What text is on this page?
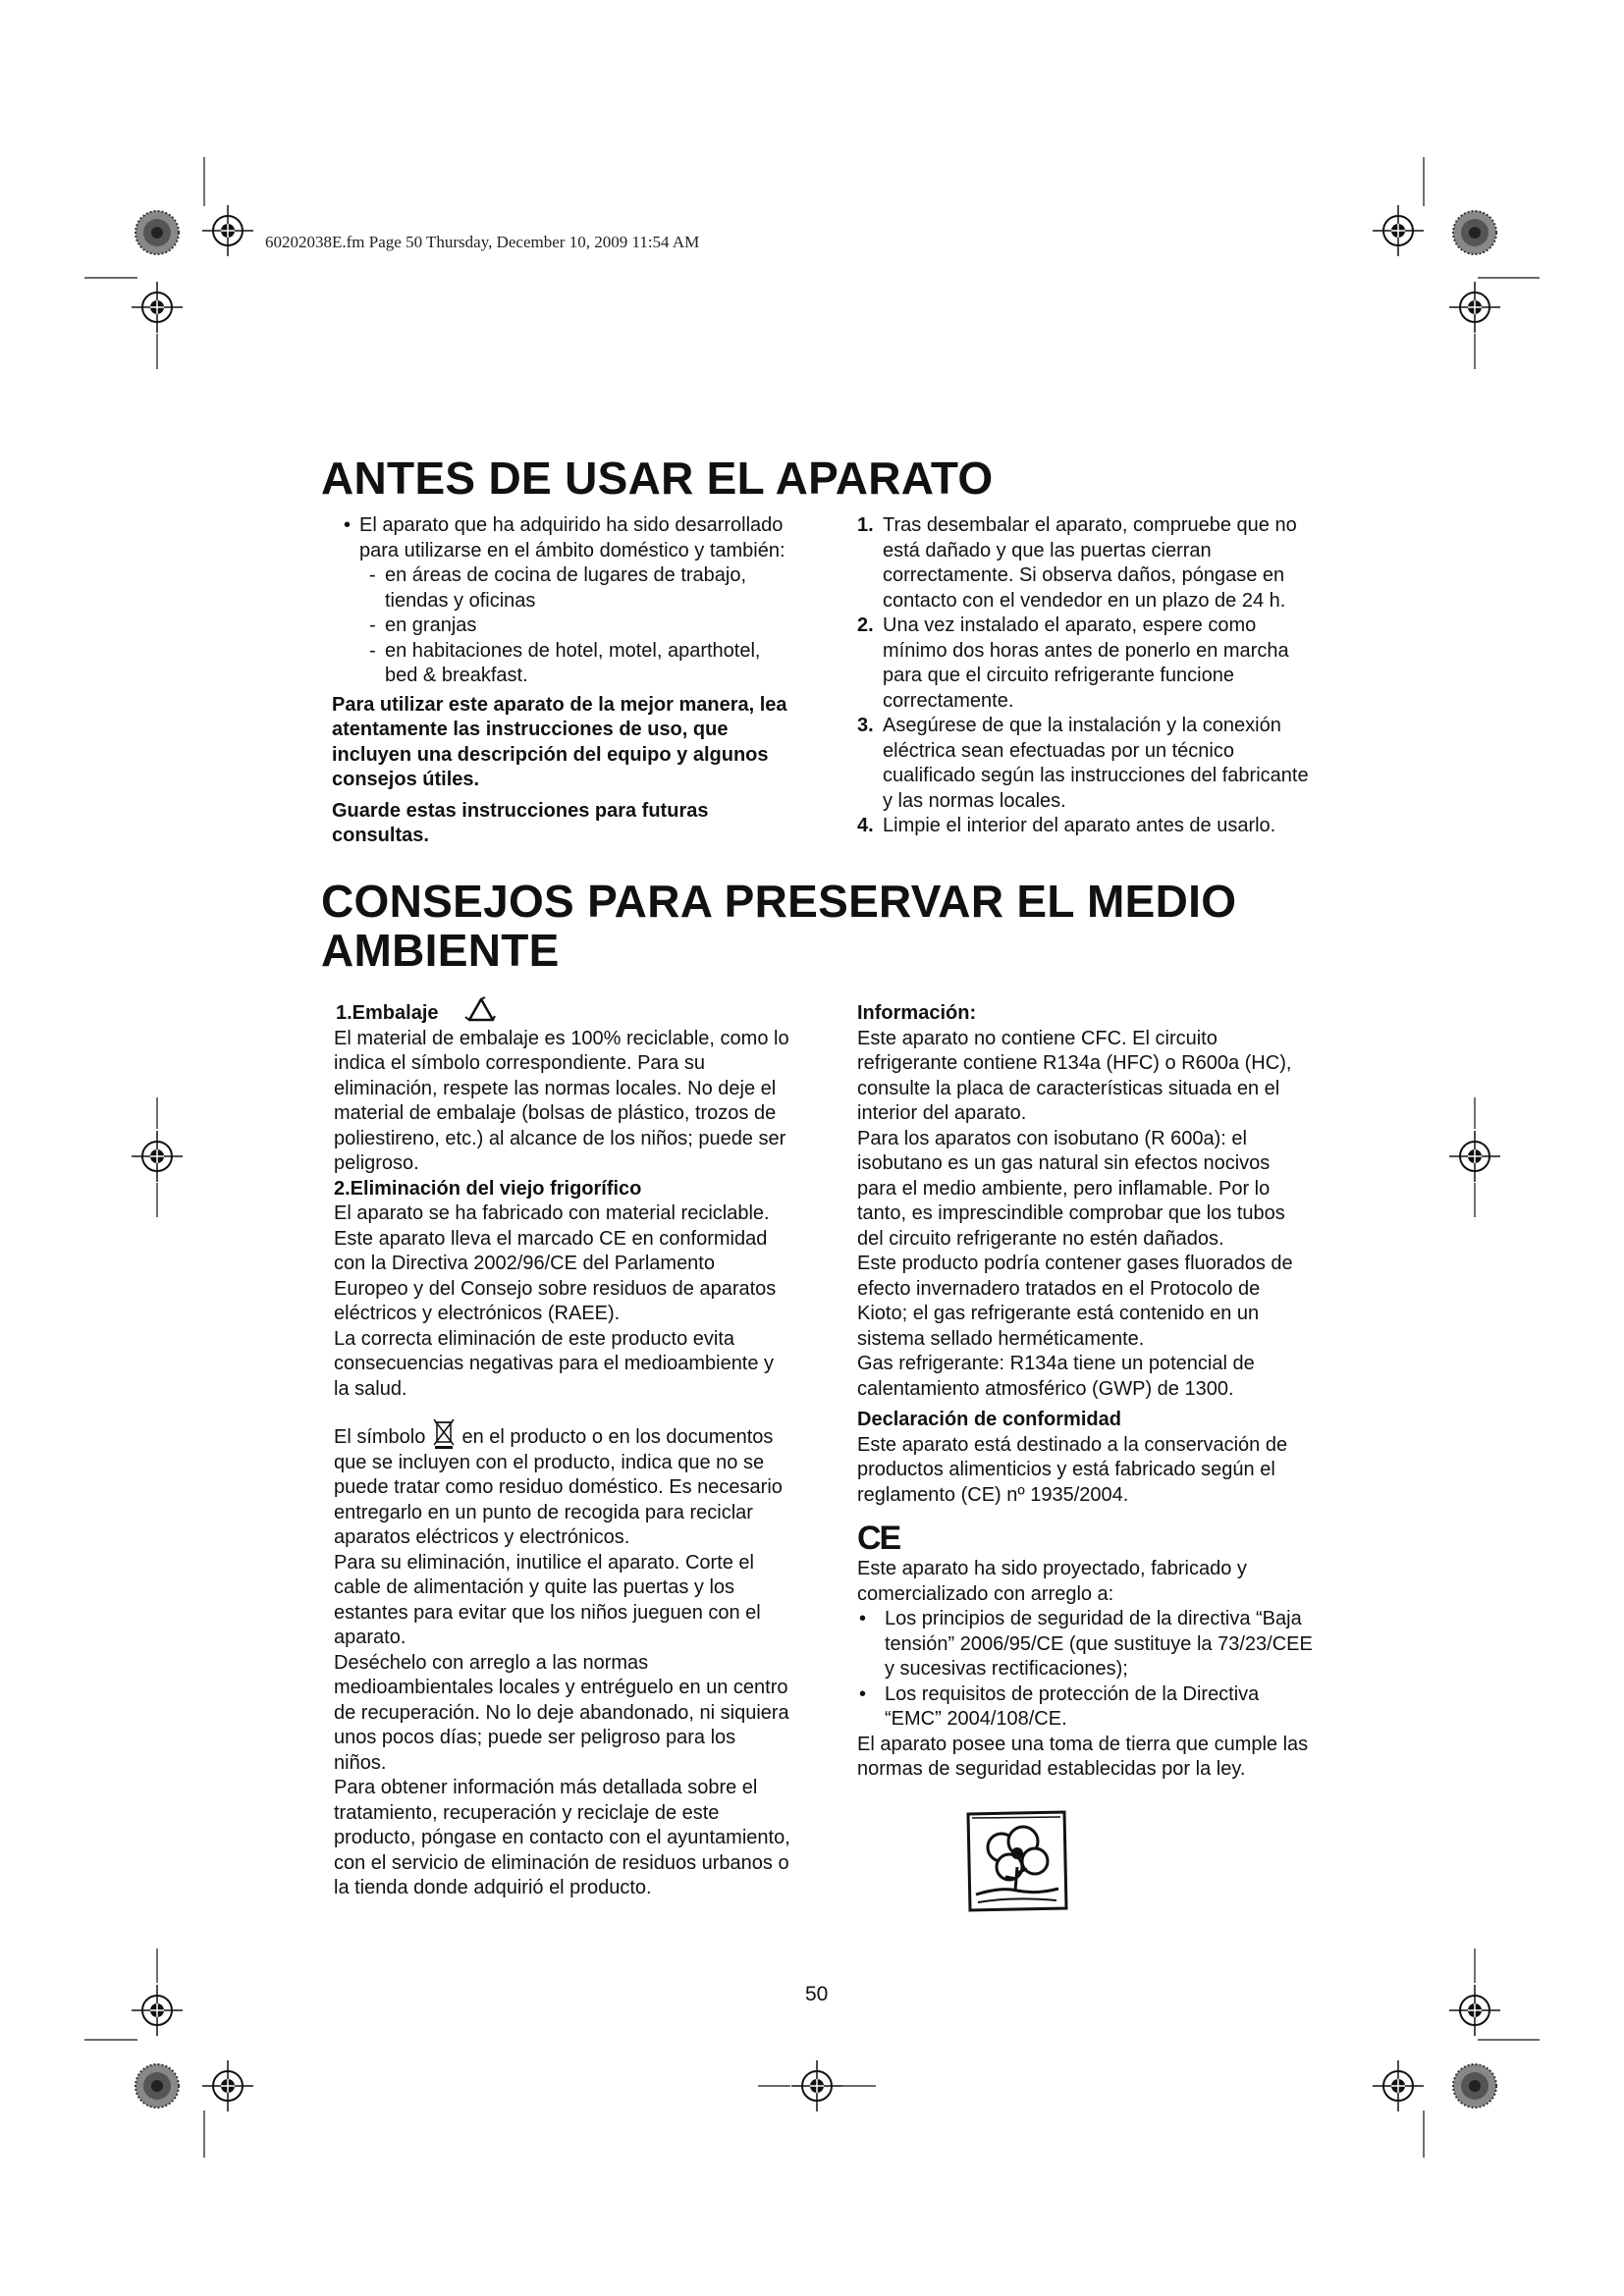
60202038E.fm Page 50 Thursday, December 10, 2009 11:54 AM
ANTES DE USAR EL APARATO

• El aparato que ha adquirido ha sido desarrollado para utilizarse en el ámbito doméstico y también:

- en áreas de cocina de lugares de trabajo, tiendas y oficinas

- en granjas

- en habitaciones de hotel, motel, aparthotel, bed & breakfast.

Para utilizar este aparato de la mejor manera, lea atentamente las instrucciones de uso, que incluyen una descripción del equipo y algunos consejos útiles.

Guarde estas instrucciones para futuras consultas.

1. Tras desembalar el aparato, compruebe que no está dañado y que las puertas cierran correctamente. Si observa daños, póngase en contacto con el vendedor en un plazo de 24 h.

2. Una vez instalado el aparato, espere como mínimo dos horas antes de ponerlo en marcha para que el circuito refrigerante funcione correctamente.

3. Asegúrese de que la instalación y la conexión eléctrica sean efectuadas por un técnico cualificado según las instrucciones del fabricante y las normas locales.

4. Limpie el interior del aparato antes de usarlo.

CONSEJOS PARA PRESERVAR EL MEDIO
AMBIENTE

1.Embalaje

El material de embalaje es 100% reciclable, como lo indica el símbolo correspondiente. Para su eliminación, respete las normas locales. No deje el material de embalaje (bolsas de plástico, trozos de poliestireno, etc.) al alcance de los niños; puede ser peligroso.

2.Eliminación del viejo frigorífico

El aparato se ha fabricado con material reciclable. Este aparato lleva el marcado CE en conformidad con la Directiva 2002/96/CE del Parlamento Europeo y del Consejo sobre residuos de aparatos eléctricos y electrónicos (RAEE).

La correcta eliminación de este producto evita consecuencias negativas para el medioambiente y la salud.

El símbolo en el producto o en los documentos que se incluyen con el producto, indica que no se puede tratar como residuo doméstico. Es necesario entregarlo en un punto de recogida para reciclar aparatos eléctricos y electrónicos.

Para su eliminación, inutilice el aparato. Corte el cable de alimentación y quite las puertas y los estantes para evitar que los niños jueguen con el aparato.

Deséchelo con arreglo a las normas medioambientales locales y entréguelo en un centro de recuperación. No lo deje abandonado, ni siquiera unos pocos días; puede ser peligroso para los niños.

Para obtener información más detallada sobre el tratamiento, recuperación y reciclaje de este producto, póngase en contacto con el ayuntamiento, con el servicio de eliminación de residuos urbanos o la tienda donde adquirió el producto.

Información:

Este aparato no contiene CFC. El circuito refrigerante contiene R134a (HFC) o R600a (HC), consulte la placa de características situada en el interior del aparato.

Para los aparatos con isobutano (R 600a): el isobutano es un gas natural sin efectos nocivos para el medio ambiente, pero inflamable. Por lo tanto, es imprescindible comprobar que los tubos del circuito refrigerante no estén dañados.

Este producto podría contener gases fluorados de efecto invernadero tratados en el Protocolo de Kioto; el gas refrigerante está contenido en un sistema sellado herméticamente.

Gas refrigerante: R134a tiene un potencial de calentamiento atmosférico (GWP) de 1300.

Declaración de conformidad

Este aparato está destinado a la conservación de productos alimenticios y está fabricado según el reglamento (CE) nº 1935/2004.

CE

Este aparato ha sido proyectado, fabricado y comercializado con arreglo a:

• Los principios de seguridad de la directiva “Baja tensión” 2006/95/CE (que sustituye la 73/23/CEE y sucesivas rectificaciones);

• Los requisitos de protección de la Directiva “EMC” 2004/108/CE.

El aparato posee una toma de tierra que cumple las normas de seguridad establecidas por la ley.

50
